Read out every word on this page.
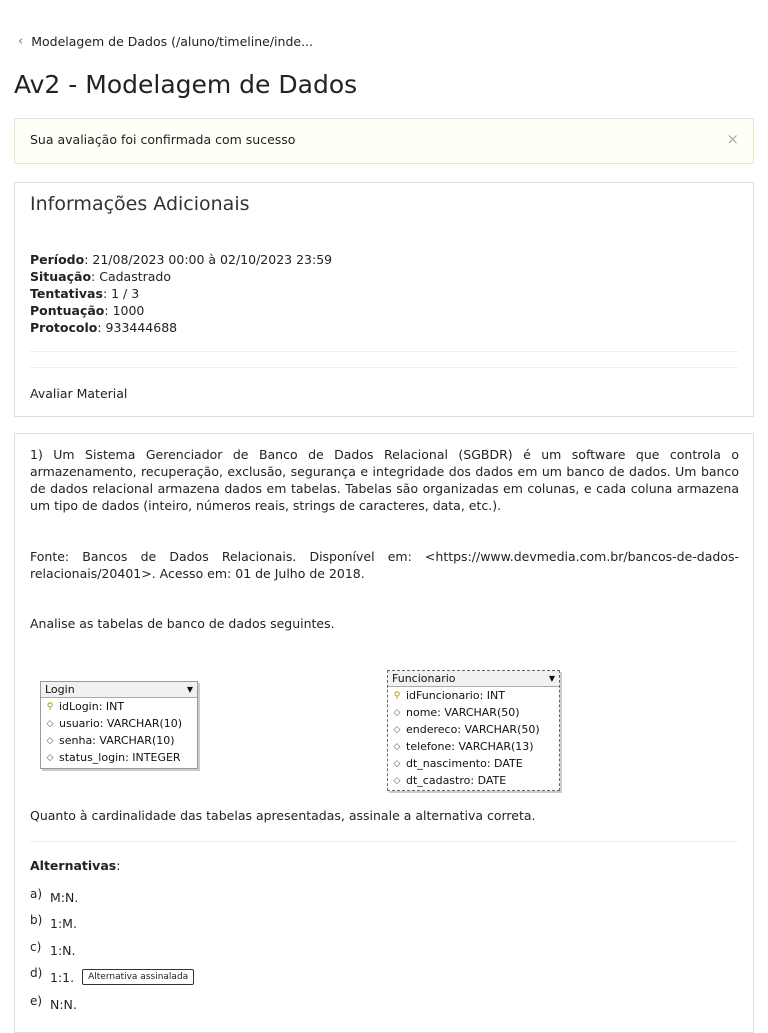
‹ Modelagem de Dados (/aluno/timeline/inde...
Av2 - Modelagem de Dados
Sua avaliação foi confirmada com sucesso	×
Informações Adicionais
Período: 21/08/2023 00:00 à 02/10/2023 23:59
Situação: Cadastrado
Tentativas: 1 / 3
Pontuação: 1000
Protocolo: 933444688
Avaliar Material

1) Um Sistema Gerenciador de Banco de Dados Relacional (SGBDR) é um software que controla o armazenamento, recuperação, exclusão, segurança e integridade dos dados em um banco de dados. Um banco de dados relacional armazena dados em tabelas. Tabelas são organizadas em colunas, e cada coluna armazena um tipo de dados (inteiro, números reais, strings de caracteres, data, etc.).

Fonte: Bancos de Dados Relacionais. Disponível em: <https://www.devmedia.com.br/bancos-de-dados-relacionais/20401>. Acesso em: 01 de Julho de 2018.

Analise as tabelas de banco de dados seguintes.

Login	▼
⚲ idLogin: INT
◇ usuario: VARCHAR(10)
◇ senha: VARCHAR(10)
◇ status_login: INTEGER
Funcionario	▼
⚲ idFuncionario: INT
◇ nome: VARCHAR(50)
◇ endereco: VARCHAR(50)
◇ telefone: VARCHAR(13)
◇ dt_nascimento: DATE
◇ dt_cadastro: DATE

Quanto à cardinalidade das tabelas apresentadas, assinale a alternativa correta.

Alternativas:
a) M:N.
b) 1:M.
c) 1:N.
d) 1:1.	Alternativa assinalada
e) N:N.
